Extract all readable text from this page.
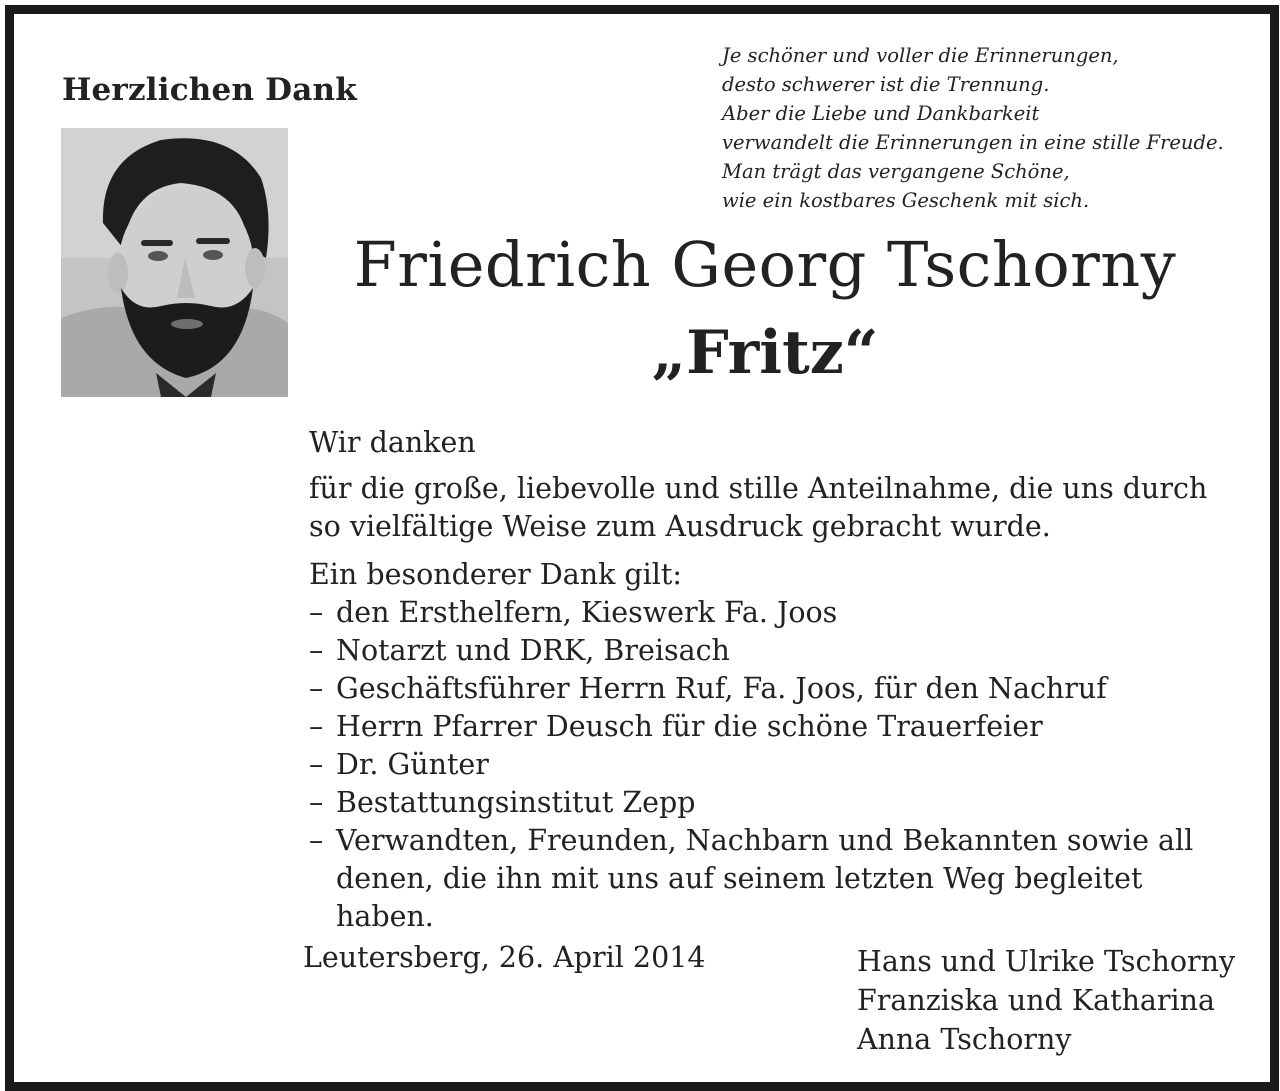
Herzlichen Dank
Je schöner und voller die Erinnerungen,
desto schwerer ist die Trennung.
Aber die Liebe und Dankbarkeit
verwandelt die Erinnerungen in eine stille Freude.
Man trägt das vergangene Schöne,
wie ein kostbares Geschenk mit sich.
Friedrich Georg Tschorny
„Fritz“

Wir danken

für die große, liebevolle und stille Anteilnahme, die uns durch so vielfältige Weise zum Ausdruck gebracht wurde.

Ein besonderer Dank gilt:

– den Ersthelfern, Kieswerk Fa. Joos
– Notarzt und DRK, Breisach
– Geschäftsführer Herrn Ruf, Fa. Joos, für den Nachruf
– Herrn Pfarrer Deusch für die schöne Trauerfeier
– Dr. Günter
– Bestattungsinstitut Zepp
– Verwandten, Freunden, Nachbarn und Bekannten sowie all denen, die ihn mit uns auf seinem letzten Weg begleitet haben.
Leutersberg, 26. April 2014	Hans und Ulrike Tschorny
Franziska und Katharina
Anna Tschorny
